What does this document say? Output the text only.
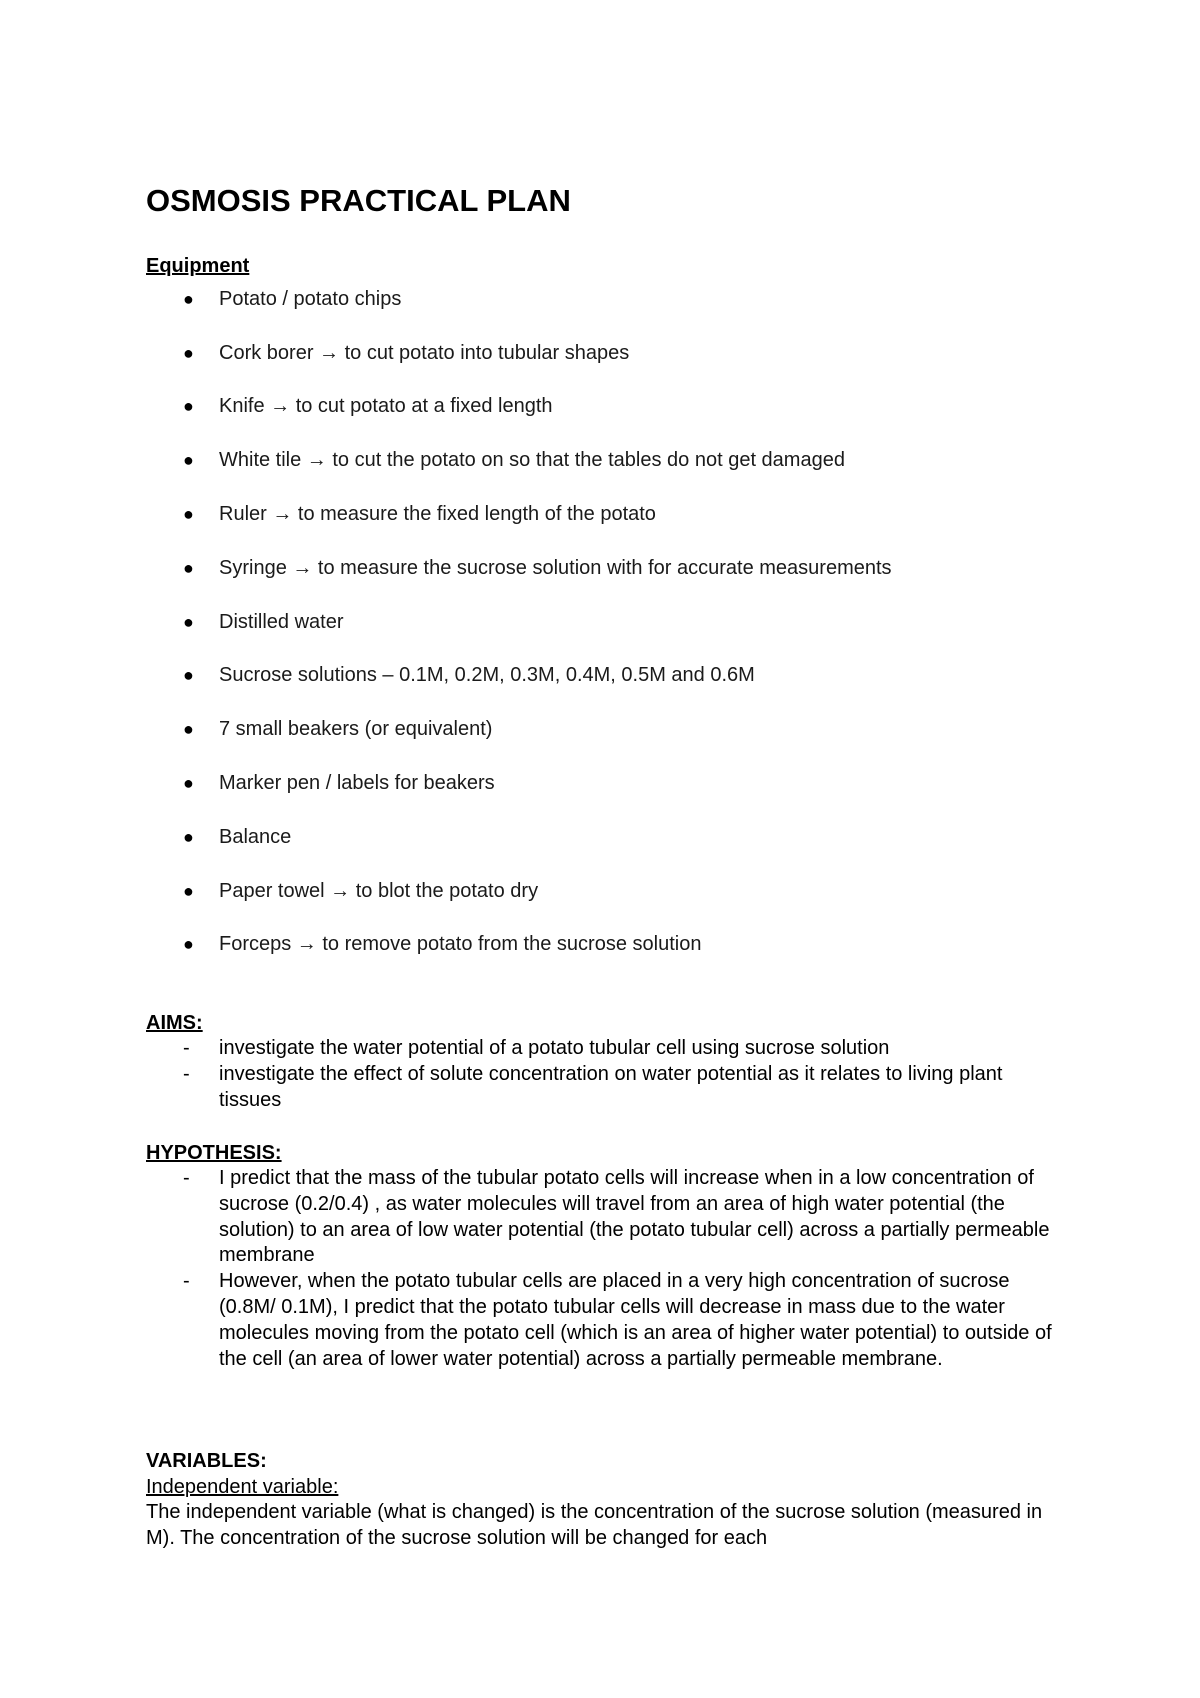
OSMOSIS PRACTICAL PLAN
Equipment
● Potato / potato chips
● Cork borer → to cut potato into tubular shapes
● Knife → to cut potato at a fixed length
● White tile → to cut the potato on so that the tables do not get damaged
● Ruler → to measure the fixed length of the potato
● Syringe → to measure the sucrose solution with for accurate measurements
● Distilled water
● Sucrose solutions – 0.1M, 0.2M, 0.3M, 0.4M, 0.5M and 0.6M
● 7 small beakers (or equivalent)
● Marker pen / labels for beakers
● Balance
● Paper towel → to blot the potato dry
● Forceps → to remove potato from the sucrose solution
AIMS:
- investigate the water potential of a potato tubular cell using sucrose solution
- investigate the effect of solute concentration on water potential as it relates to living plant tissues
HYPOTHESIS:
- I predict that the mass of the tubular potato cells will increase when in a low concentration of sucrose (0.2/0.4) , as water molecules will travel from an area of high water potential (the solution) to an area of low water potential (the potato tubular cell) across a partially permeable membrane
- However, when the potato tubular cells are placed in a very high concentration of sucrose (0.8M/ 0.1M), I predict that the potato tubular cells will decrease in mass due to the water molecules moving from the potato cell (which is an area of higher water potential) to outside of the cell (an area of lower water potential) across a partially permeable membrane.
VARIABLES:
Independent variable:
The independent variable (what is changed) is the concentration of the sucrose solution (measured in M). The concentration of the sucrose solution will be changed for each
